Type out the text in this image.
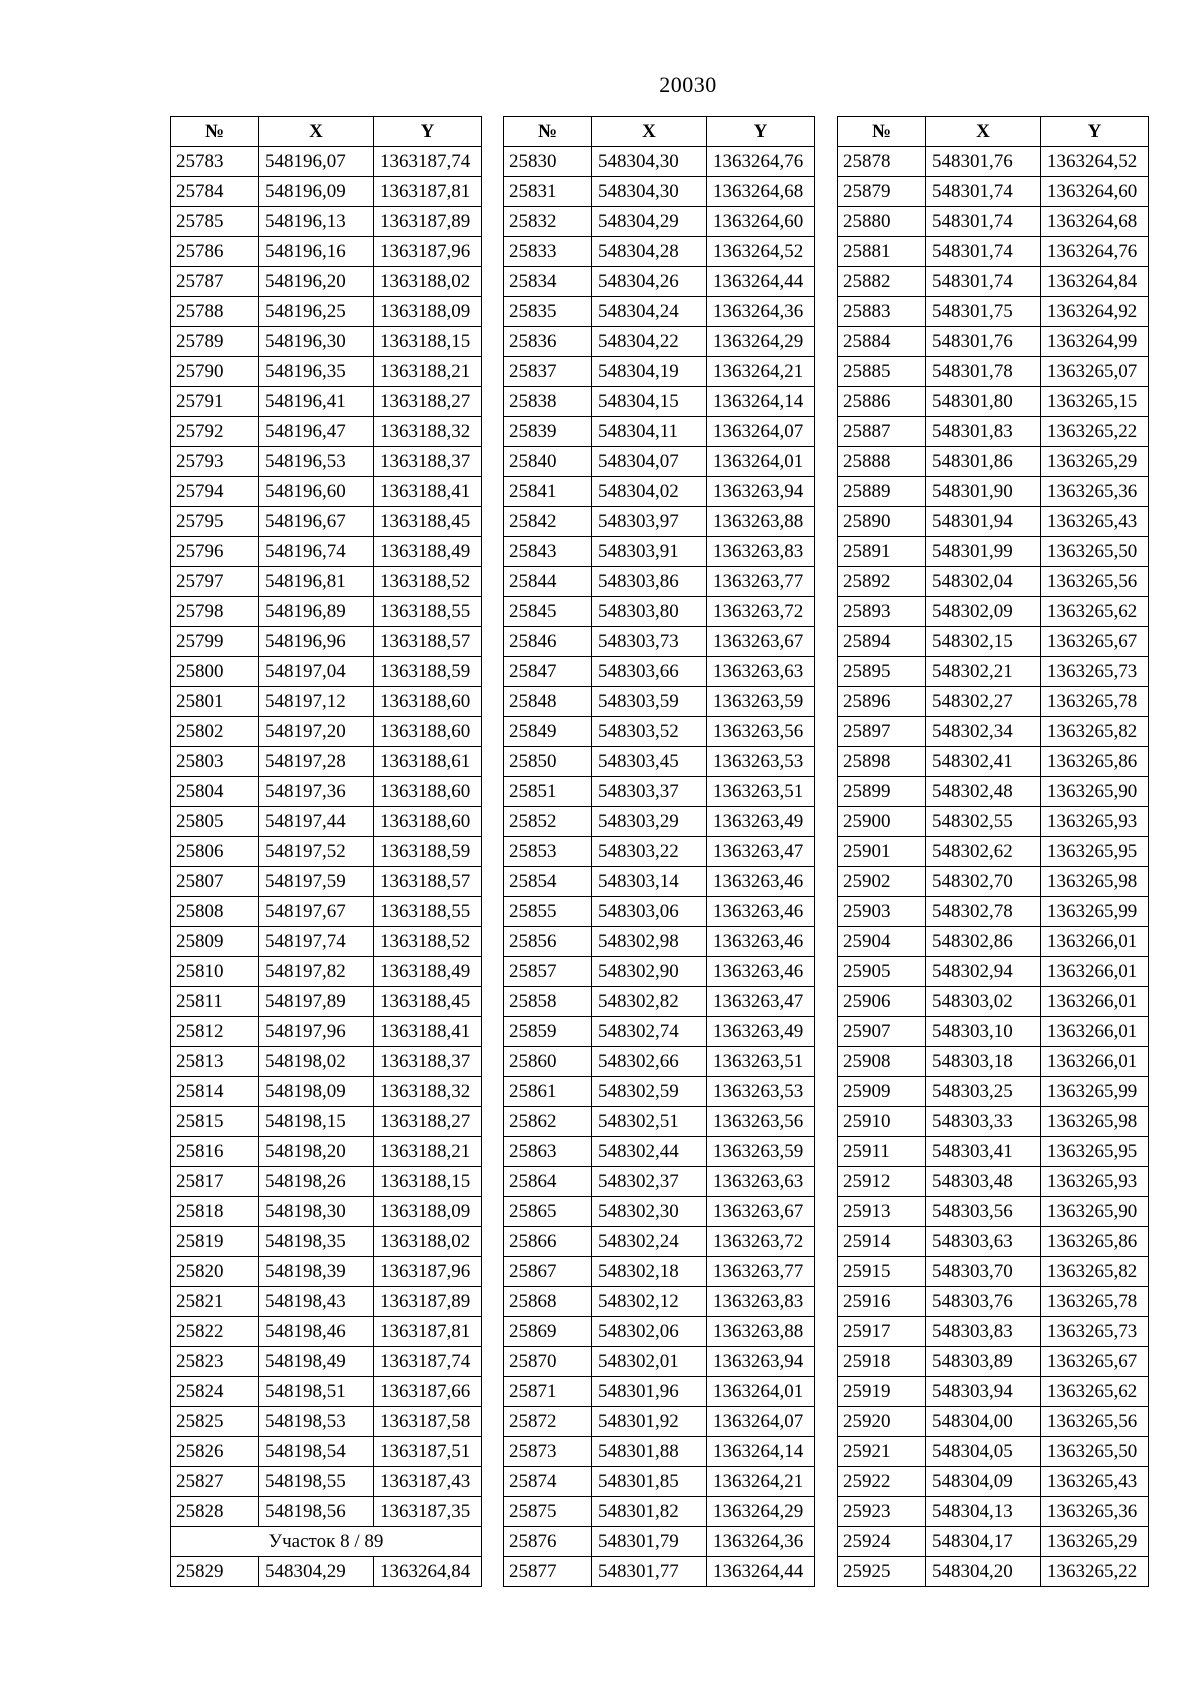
20030
№	X	Y
25783	548196,07	1363187,74
25784	548196,09	1363187,81
25785	548196,13	1363187,89
25786	548196,16	1363187,96
25787	548196,20	1363188,02
25788	548196,25	1363188,09
25789	548196,30	1363188,15
25790	548196,35	1363188,21
25791	548196,41	1363188,27
25792	548196,47	1363188,32
25793	548196,53	1363188,37
25794	548196,60	1363188,41
25795	548196,67	1363188,45
25796	548196,74	1363188,49
25797	548196,81	1363188,52
25798	548196,89	1363188,55
25799	548196,96	1363188,57
25800	548197,04	1363188,59
25801	548197,12	1363188,60
25802	548197,20	1363188,60
25803	548197,28	1363188,61
25804	548197,36	1363188,60
25805	548197,44	1363188,60
25806	548197,52	1363188,59
25807	548197,59	1363188,57
25808	548197,67	1363188,55
25809	548197,74	1363188,52
25810	548197,82	1363188,49
25811	548197,89	1363188,45
25812	548197,96	1363188,41
25813	548198,02	1363188,37
25814	548198,09	1363188,32
25815	548198,15	1363188,27
25816	548198,20	1363188,21
25817	548198,26	1363188,15
25818	548198,30	1363188,09
25819	548198,35	1363188,02
25820	548198,39	1363187,96
25821	548198,43	1363187,89
25822	548198,46	1363187,81
25823	548198,49	1363187,74
25824	548198,51	1363187,66
25825	548198,53	1363187,58
25826	548198,54	1363187,51
25827	548198,55	1363187,43
25828	548198,56	1363187,35
Участок 8 / 89		
25829	548304,29	1363264,84
№	X	Y
25830	548304,30	1363264,76
25831	548304,30	1363264,68
25832	548304,29	1363264,60
25833	548304,28	1363264,52
25834	548304,26	1363264,44
25835	548304,24	1363264,36
25836	548304,22	1363264,29
25837	548304,19	1363264,21
25838	548304,15	1363264,14
25839	548304,11	1363264,07
25840	548304,07	1363264,01
25841	548304,02	1363263,94
25842	548303,97	1363263,88
25843	548303,91	1363263,83
25844	548303,86	1363263,77
25845	548303,80	1363263,72
25846	548303,73	1363263,67
25847	548303,66	1363263,63
25848	548303,59	1363263,59
25849	548303,52	1363263,56
25850	548303,45	1363263,53
25851	548303,37	1363263,51
25852	548303,29	1363263,49
25853	548303,22	1363263,47
25854	548303,14	1363263,46
25855	548303,06	1363263,46
25856	548302,98	1363263,46
25857	548302,90	1363263,46
25858	548302,82	1363263,47
25859	548302,74	1363263,49
25860	548302,66	1363263,51
25861	548302,59	1363263,53
25862	548302,51	1363263,56
25863	548302,44	1363263,59
25864	548302,37	1363263,63
25865	548302,30	1363263,67
25866	548302,24	1363263,72
25867	548302,18	1363263,77
25868	548302,12	1363263,83
25869	548302,06	1363263,88
25870	548302,01	1363263,94
25871	548301,96	1363264,01
25872	548301,92	1363264,07
25873	548301,88	1363264,14
25874	548301,85	1363264,21
25875	548301,82	1363264,29
25876	548301,79	1363264,36
25877	548301,77	1363264,44
№	X	Y
25878	548301,76	1363264,52
25879	548301,74	1363264,60
25880	548301,74	1363264,68
25881	548301,74	1363264,76
25882	548301,74	1363264,84
25883	548301,75	1363264,92
25884	548301,76	1363264,99
25885	548301,78	1363265,07
25886	548301,80	1363265,15
25887	548301,83	1363265,22
25888	548301,86	1363265,29
25889	548301,90	1363265,36
25890	548301,94	1363265,43
25891	548301,99	1363265,50
25892	548302,04	1363265,56
25893	548302,09	1363265,62
25894	548302,15	1363265,67
25895	548302,21	1363265,73
25896	548302,27	1363265,78
25897	548302,34	1363265,82
25898	548302,41	1363265,86
25899	548302,48	1363265,90
25900	548302,55	1363265,93
25901	548302,62	1363265,95
25902	548302,70	1363265,98
25903	548302,78	1363265,99
25904	548302,86	1363266,01
25905	548302,94	1363266,01
25906	548303,02	1363266,01
25907	548303,10	1363266,01
25908	548303,18	1363266,01
25909	548303,25	1363265,99
25910	548303,33	1363265,98
25911	548303,41	1363265,95
25912	548303,48	1363265,93
25913	548303,56	1363265,90
25914	548303,63	1363265,86
25915	548303,70	1363265,82
25916	548303,76	1363265,78
25917	548303,83	1363265,73
25918	548303,89	1363265,67
25919	548303,94	1363265,62
25920	548304,00	1363265,56
25921	548304,05	1363265,50
25922	548304,09	1363265,43
25923	548304,13	1363265,36
25924	548304,17	1363265,29
25925	548304,20	1363265,22
